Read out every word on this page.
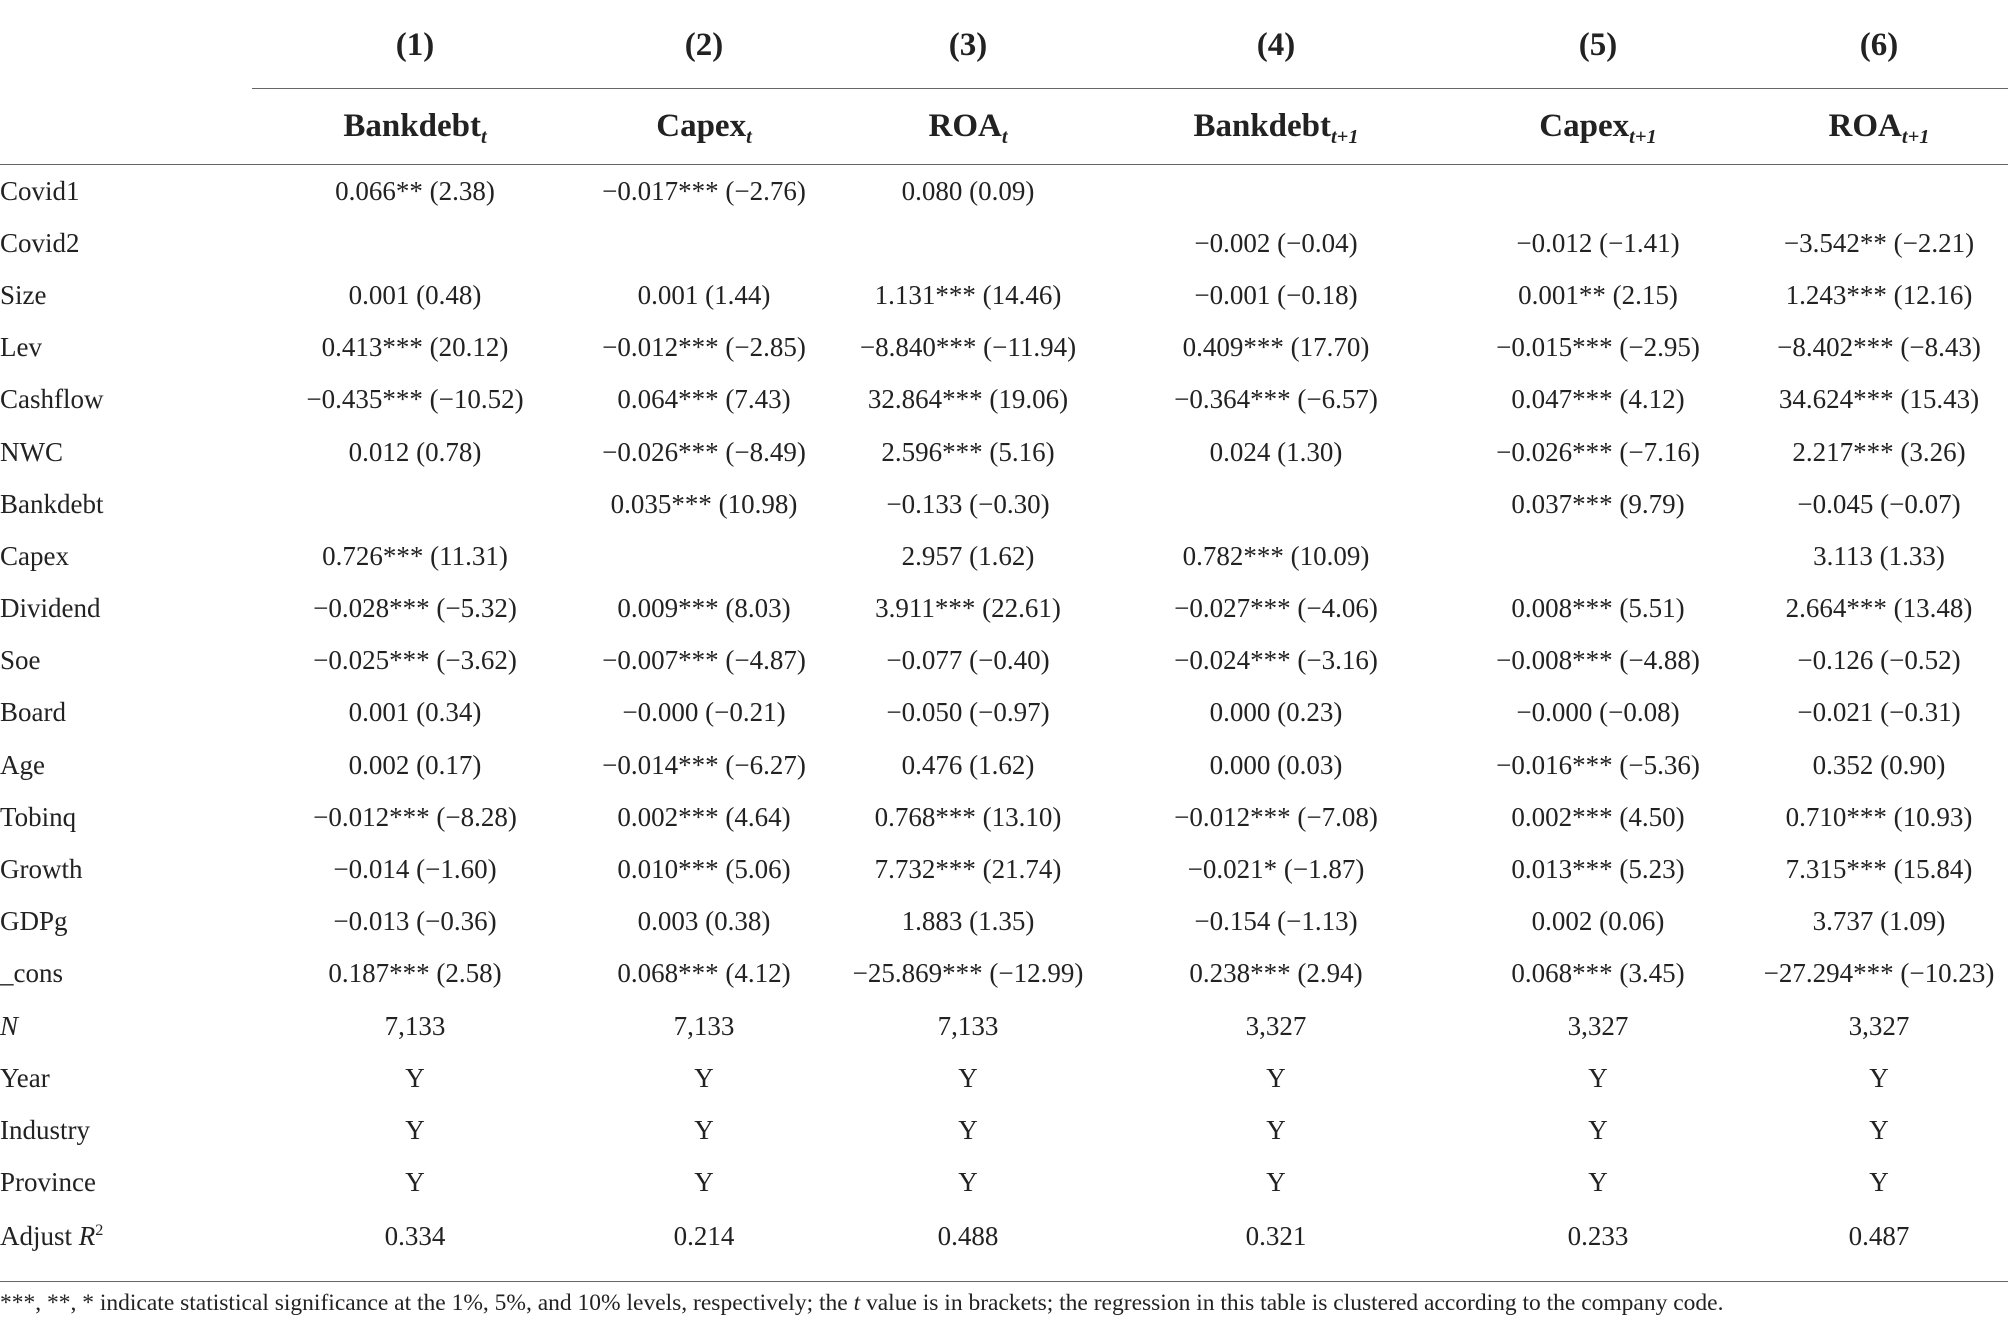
	(1)	(2)	(3)	(4)	(5)	(6)
	Bankdebt$_t$	Capex$_t$	$ROA_t$	Bankdebt$_{t+1}$	Capex$_{t+1}$	$ROA_{t+1}$
Covid1	0.066** (2.38)	−0.017*** (−2.76)	0.080 (0.09)			
Covid2				−0.002 (−0.04)	−0.012 (−1.41)	−3.542** (−2.21)
Size	0.001 (0.48)	0.001 (1.44)	1.131*** (14.46)	−0.001 (−0.18)	0.001** (2.15)	1.243*** (12.16)
Lev	0.413*** (20.12)	−0.012*** (−2.85)	−8.840*** (−11.94)	0.409*** (17.70)	−0.015*** (−2.95)	−8.402*** (−8.43)
Cashflow	−0.435*** (−10.52)	0.064*** (7.43)	32.864*** (19.06)	−0.364*** (−6.57)	0.047*** (4.12)	34.624*** (15.43)
NWC	0.012 (0.78)	−0.026*** (−8.49)	2.596*** (5.16)	0.024 (1.30)	−0.026*** (−7.16)	2.217*** (3.26)
Bankdebt		0.035*** (10.98)	−0.133 (−0.30)		0.037*** (9.79)	−0.045 (−0.07)
Capex	0.726*** (11.31)		2.957 (1.62)	0.782*** (10.09)		3.113 (1.33)
Dividend	−0.028*** (−5.32)	0.009*** (8.03)	3.911*** (22.61)	−0.027*** (−4.06)	0.008*** (5.51)	2.664*** (13.48)
Soe	−0.025*** (−3.62)	−0.007*** (−4.87)	−0.077 (−0.40)	−0.024*** (−3.16)	−0.008*** (−4.88)	−0.126 (−0.52)
Board	0.001 (0.34)	−0.000 (−0.21)	−0.050 (−0.97)	0.000 (0.23)	−0.000 (−0.08)	−0.021 (−0.31)
Age	0.002 (0.17)	−0.014*** (−6.27)	0.476 (1.62)	0.000 (0.03)	−0.016*** (−5.36)	0.352 (0.90)
Tobinq	−0.012*** (−8.28)	0.002*** (4.64)	0.768*** (13.10)	−0.012*** (−7.08)	0.002*** (4.50)	0.710*** (10.93)
Growth	−0.014 (−1.60)	0.010*** (5.06)	7.732*** (21.74)	−0.021* (−1.87)	0.013*** (5.23)	7.315*** (15.84)
GDPg	−0.013 (−0.36)	0.003 (0.38)	1.883 (1.35)	−0.154 (−1.13)	0.002 (0.06)	3.737 (1.09)
_cons	0.187*** (2.58)	0.068*** (4.12)	−25.869*** (−12.99)	0.238*** (2.94)	0.068*** (3.45)	−27.294*** (−10.23)
N	7,133	7,133	7,133	3,327	3,327	3,327
Year	Y	Y	Y	Y	Y	Y
Industry	Y	Y	Y	Y	Y	Y
Province	Y	Y	Y	Y	Y	Y
Adjust $R^2$	0.334	0.214	0.488	0.321	0.233	0.487
***, **, * indicate statistical significance at the 1%, 5%, and 10% levels, respectively; the t value is in brackets; the regression in this table is clustered according to the company code.
